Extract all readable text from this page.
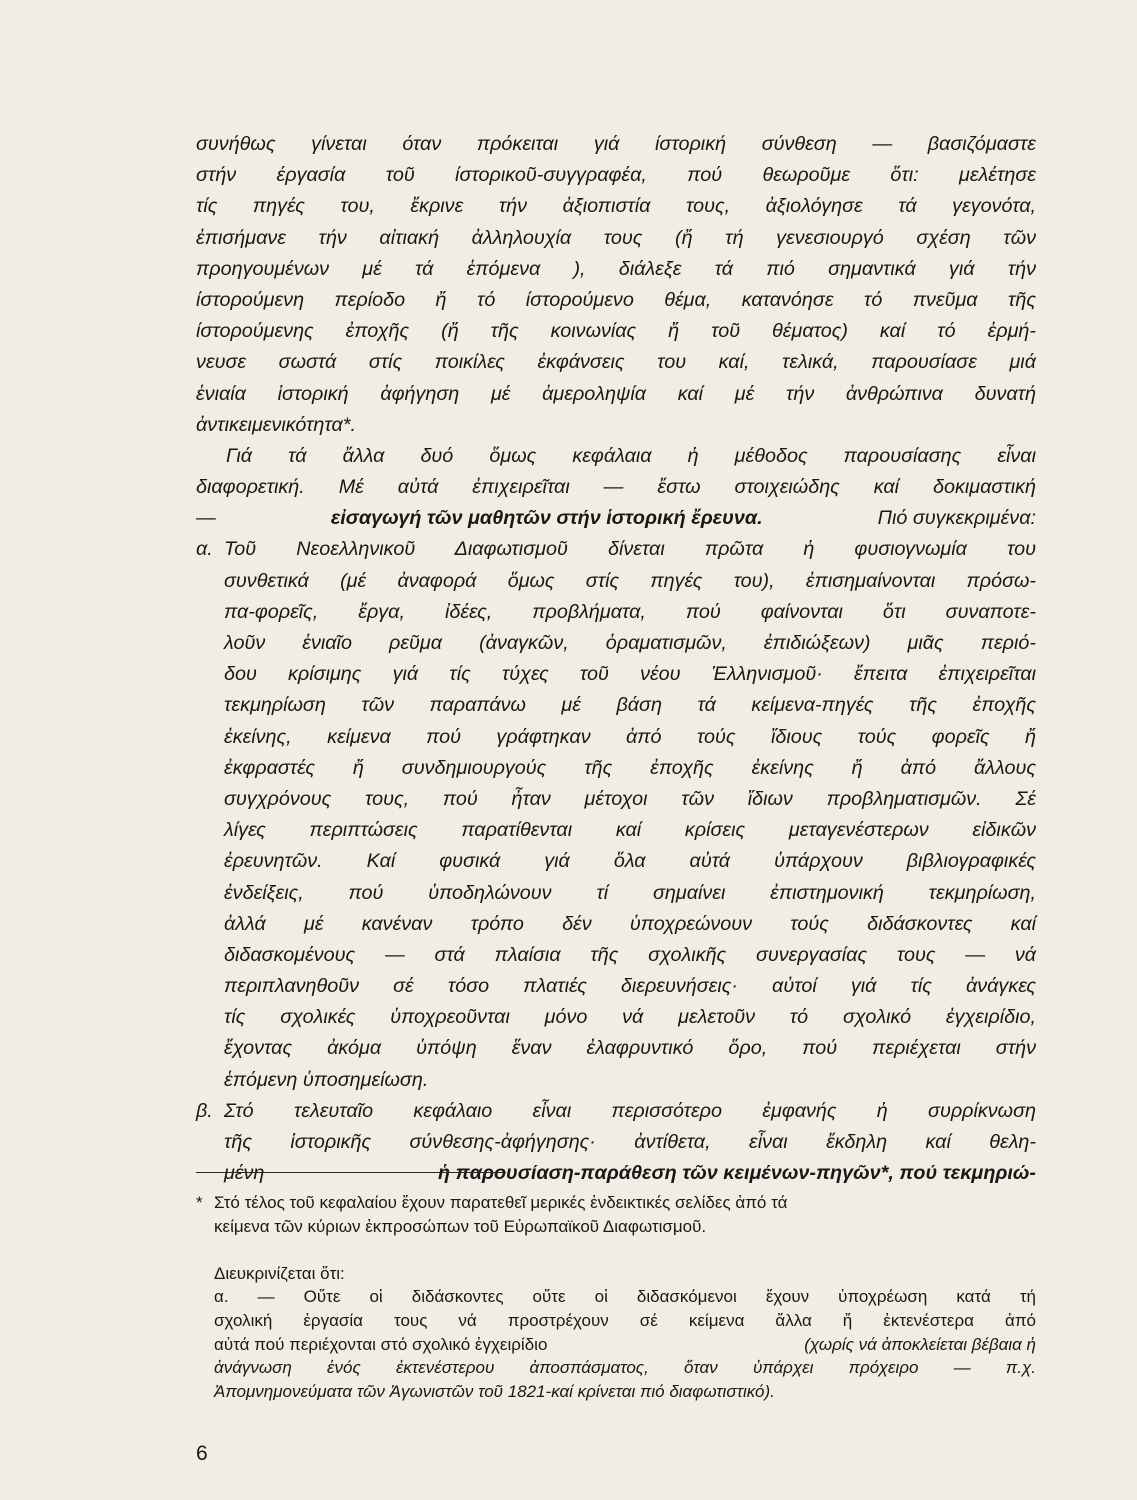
συνήθως γίνεται όταν πρόκειται γιά ίστορική σύνθεση — βασιζόμαστε
στήν έργασία τοῦ ίστορικοῦ-συγγραφέα, πού θεωροῦμε ὅτι: μελέτησε
τίς πηγές του, ἔκρινε τήν ἀξιοπιστία τους, ἀξιολόγησε τά γεγονότα,
ἐπισήμανε τήν αἰτιακή ἀλληλουχία τους (ἤ τή γενεσιουργό σχέση τῶν
προηγουμένων μέ τά ἑπόμενα ), διάλεξε τά πιό σημαντικά γιά τήν
ίστορούμενη περίοδο ἤ τό ίστορούμενο θέμα, κατανόησε τό πνεῦμα τῆς
ίστορούμενης ἐποχῆς (ἤ τῆς κοινωνίας ἤ τοῦ θέματος) καί τό ἑρμή-
νευσε σωστά στίς ποικίλες ἐκφάνσεις του καί, τελικά, παρουσίασε μιά
ἑνιαία ἱστορική ἀφήγηση μέ ἀμεροληψία καί μέ τήν ἀνθρώπινα δυνατή
ἀντικειμενικότητα*.
Γιά τά ἄλλα δυό ὅμως κεφάλαια ἡ μέθοδος παρουσίασης εἶναι
διαφορετική. Μέ αὐτά ἐπιχειρεῖται — ἔστω στοιχειώδης καί δοκιμαστική
—	εἰσαγωγή τῶν μαθητῶν στήν ἱστορική ἔρευνα.	Πιό συγκεκριμένα:
α. Τοῦ Νεοελληνικοῦ Διαφωτισμοῦ δίνεται πρῶτα ἡ φυσιογνωμία του
συνθετικά (μέ ἀναφορά ὅμως στίς πηγές του), ἐπισημαίνονται πρόσω-
πα-φορεῖς, ἔργα, ἰδέες, προβλήματα, πού φαίνονται ὅτι συναποτε-
λοῦν ἑνιαῖο ρεῦμα (ἀναγκῶν, ὁραματισμῶν, ἐπιδιώξεων) μιᾶς περιό-
δου κρίσιμης γιά τίς τύχες τοῦ νέου Ἑλληνισμοῦ· ἔπειτα ἐπιχειρεῖται
τεκμηρίωση τῶν παραπάνω μέ βάση τά κείμενα-πηγές τῆς ἐποχῆς
ἐκείνης, κείμενα πού γράφτηκαν ἀπό τούς ἴδιους τούς φορεῖς ἤ
ἐκφραστές ἤ συνδημιουργούς τῆς ἐποχῆς ἐκείνης ἤ ἀπό ἄλλους
συγχρόνους τους, πού ἦταν μέτοχοι τῶν ἴδιων προβληματισμῶν. Σέ
λίγες περιπτώσεις παρατίθενται καί κρίσεις μεταγενέστερων εἰδικῶν
ἐρευνητῶν. Καί φυσικά γιά ὅλα αὐτά ὑπάρχουν βιβλιογραφικές
ἐνδείξεις, πού ὑποδηλώνουν τί σημαίνει ἐπιστημονική τεκμηρίωση,
ἀλλά μέ κανέναν τρόπο δέν ὑποχρεώνουν τούς διδάσκοντες καί
διδασκομένους — στά πλαίσια τῆς σχολικῆς συνεργασίας τους — νά
περιπλανηθοῦν σέ τόσο πλατιές διερευνήσεις· αὐτοί γιά τίς ἀνάγκες
τίς σχολικές ὑποχρεοῦνται μόνο νά μελετοῦν τό σχολικό ἐγχειρίδιο,
ἔχοντας ἀκόμα ὑπόψη ἕναν ἐλαφρυντικό ὅρο, πού περιέχεται στήν
ἑπόμενη ὑποσημείωση.
β. Στό τελευταῖο κεφάλαιο εἶναι περισσότερο ἐμφανής ἡ συρρίκνωση
τῆς ἱστορικῆς σύνθεσης-ἀφήγησης· ἀντίθετα, εἶναι ἔκδηλη καί θελη-
μένη	ἡ παρουσίαση-παράθεση τῶν κειμένων-πηγῶν*, πού τεκμηριώ-
* Στό τέλος τοῦ κεφαλαίου ἔχουν παρατεθεῖ μερικές ἐνδεικτικές σελίδες ἀπό τά
κείμενα τῶν κύριων ἐκπροσώπων τοῦ Εὐρωπαϊκοῦ Διαφωτισμοῦ.
Διευκρινίζεται ὅτι:
α. — Οὔτε οἱ διδάσκοντες οὔτε οἱ διδασκόμενοι ἔχουν ὑποχρέωση κατά τή
σχολική ἐργασία τους νά προστρέχουν σέ κείμενα ἄλλα ἤ ἐκτενέστερα ἀπό
αὐτά πού περιέχονται στό σχολικό ἐγχειρίδιο	(χωρίς νά ἀποκλείεται βέβαια ἡ
ἀνάγνωση ἑνός ἐκτενέστερου ἀποσπάσματος, ὅταν ὑπάρχει πρόχειρο — π.χ.
Ἀπομνημονεύματα τῶν Ἀγωνιστῶν τοῦ 1821-καί κρίνεται πιό διαφωτιστικό).
6
